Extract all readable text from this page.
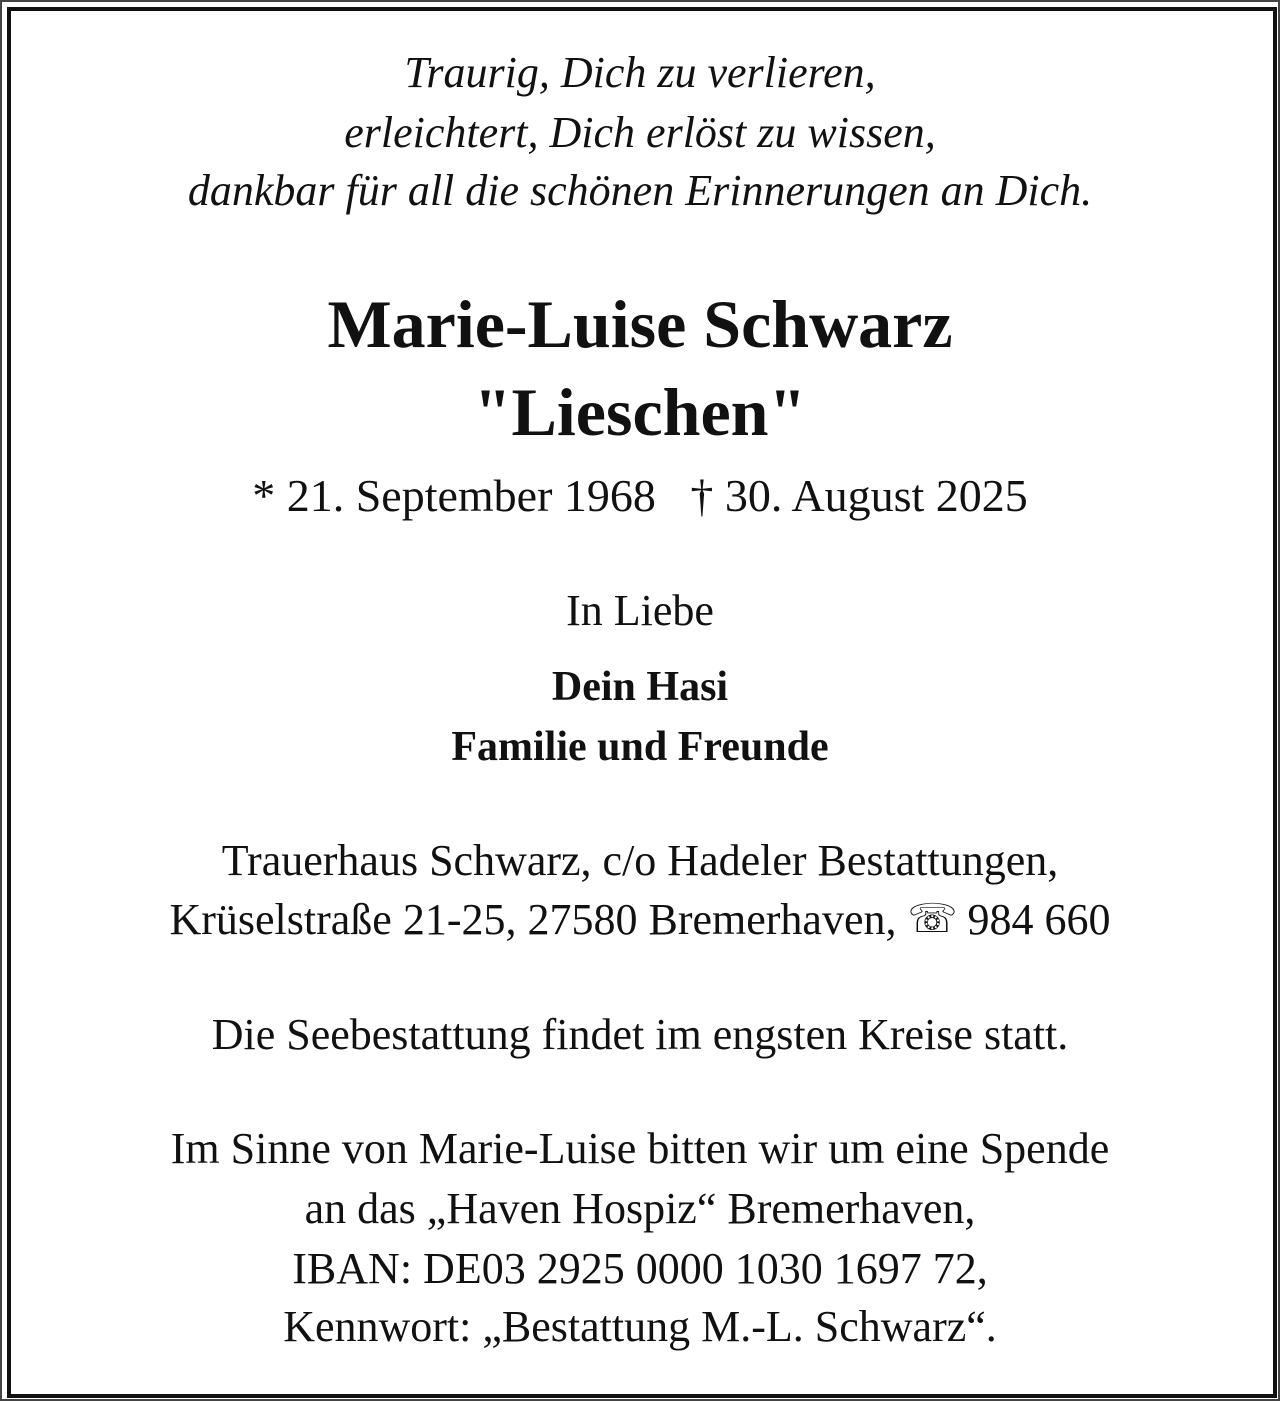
Traurig, Dich zu verlieren,
erleichtert, Dich erlöst zu wissen,
dankbar für all die schönen Erinnerungen an Dich.
Marie-Luise Schwarz
"Lieschen"
* 21. September 1968   † 30. August 2025
In Liebe
Dein Hasi
Familie und Freunde
Trauerhaus Schwarz, c/o Hadeler Bestattungen,
Krüselstraße 21-25, 27580 Bremerhaven, ☏ 984 660
Die Seebestattung findet im engsten Kreise statt.
Im Sinne von Marie-Luise bitten wir um eine Spende
an das „Haven Hospiz“ Bremerhaven,
IBAN: DE03 2925 0000 1030 1697 72,
Kennwort: „Bestattung M.-L. Schwarz“.
